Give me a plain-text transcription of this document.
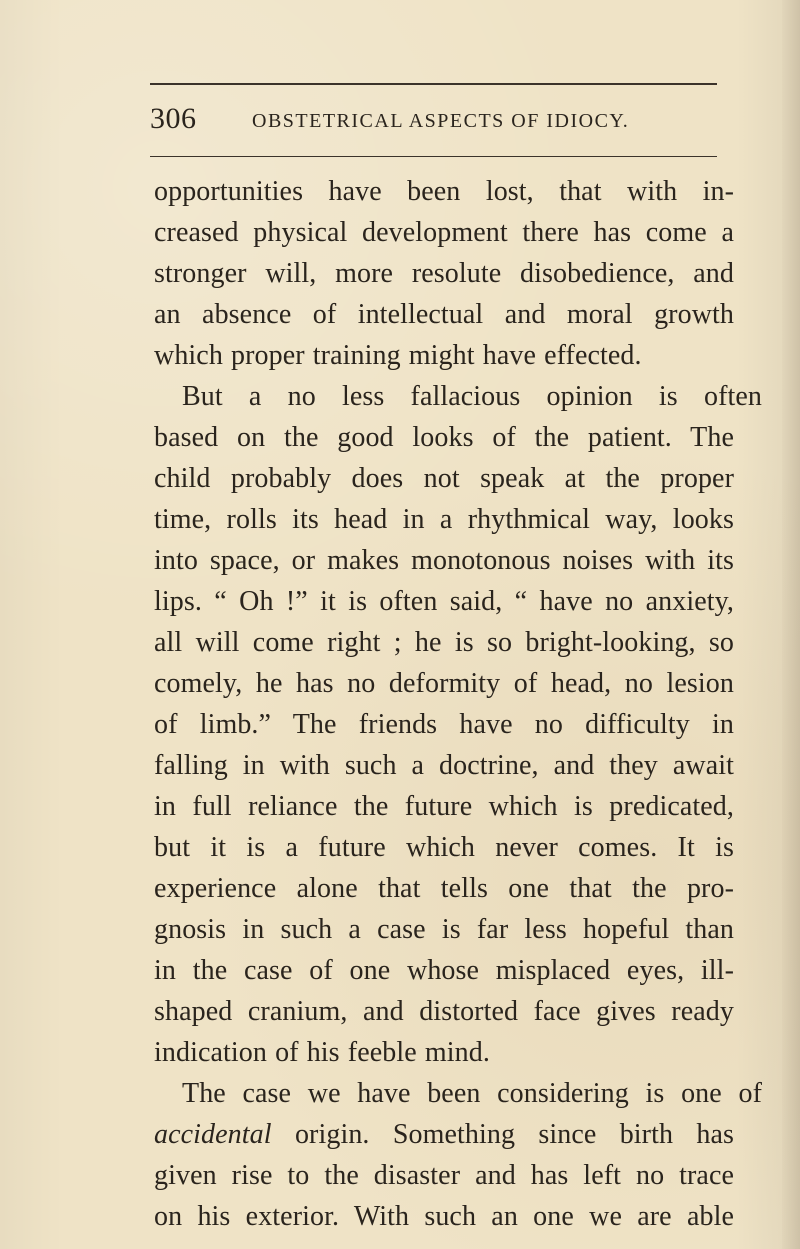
306	OBSTETRICAL ASPECTS OF IDIOCY.
opportunities have been lost, that with in-
creased physical development there has come a
stronger will, more resolute disobedience, and
an absence of intellectual and moral growth
which proper training might have effected.
But a no less fallacious opinion is often
based on the good looks of the patient. The
child probably does not speak at the proper
time, rolls its head in a rhythmical way, looks
into space, or makes monotonous noises with its
lips. “ Oh !” it is often said, “ have no anxiety,
all will come right ; he is so bright-looking, so
comely, he has no deformity of head, no lesion
of limb.” The friends have no difficulty in
falling in with such a doctrine, and they await
in full reliance the future which is predicated,
but it is a future which never comes. It is
experience alone that tells one that the pro-
gnosis in such a case is far less hopeful than
in the case of one whose misplaced eyes, ill-
shaped cranium, and distorted face gives ready
indication of his feeble mind.
The case we have been considering is one of
accidental origin. Something since birth has
given rise to the disaster and has left no trace
on his exterior. With such an one we are able
